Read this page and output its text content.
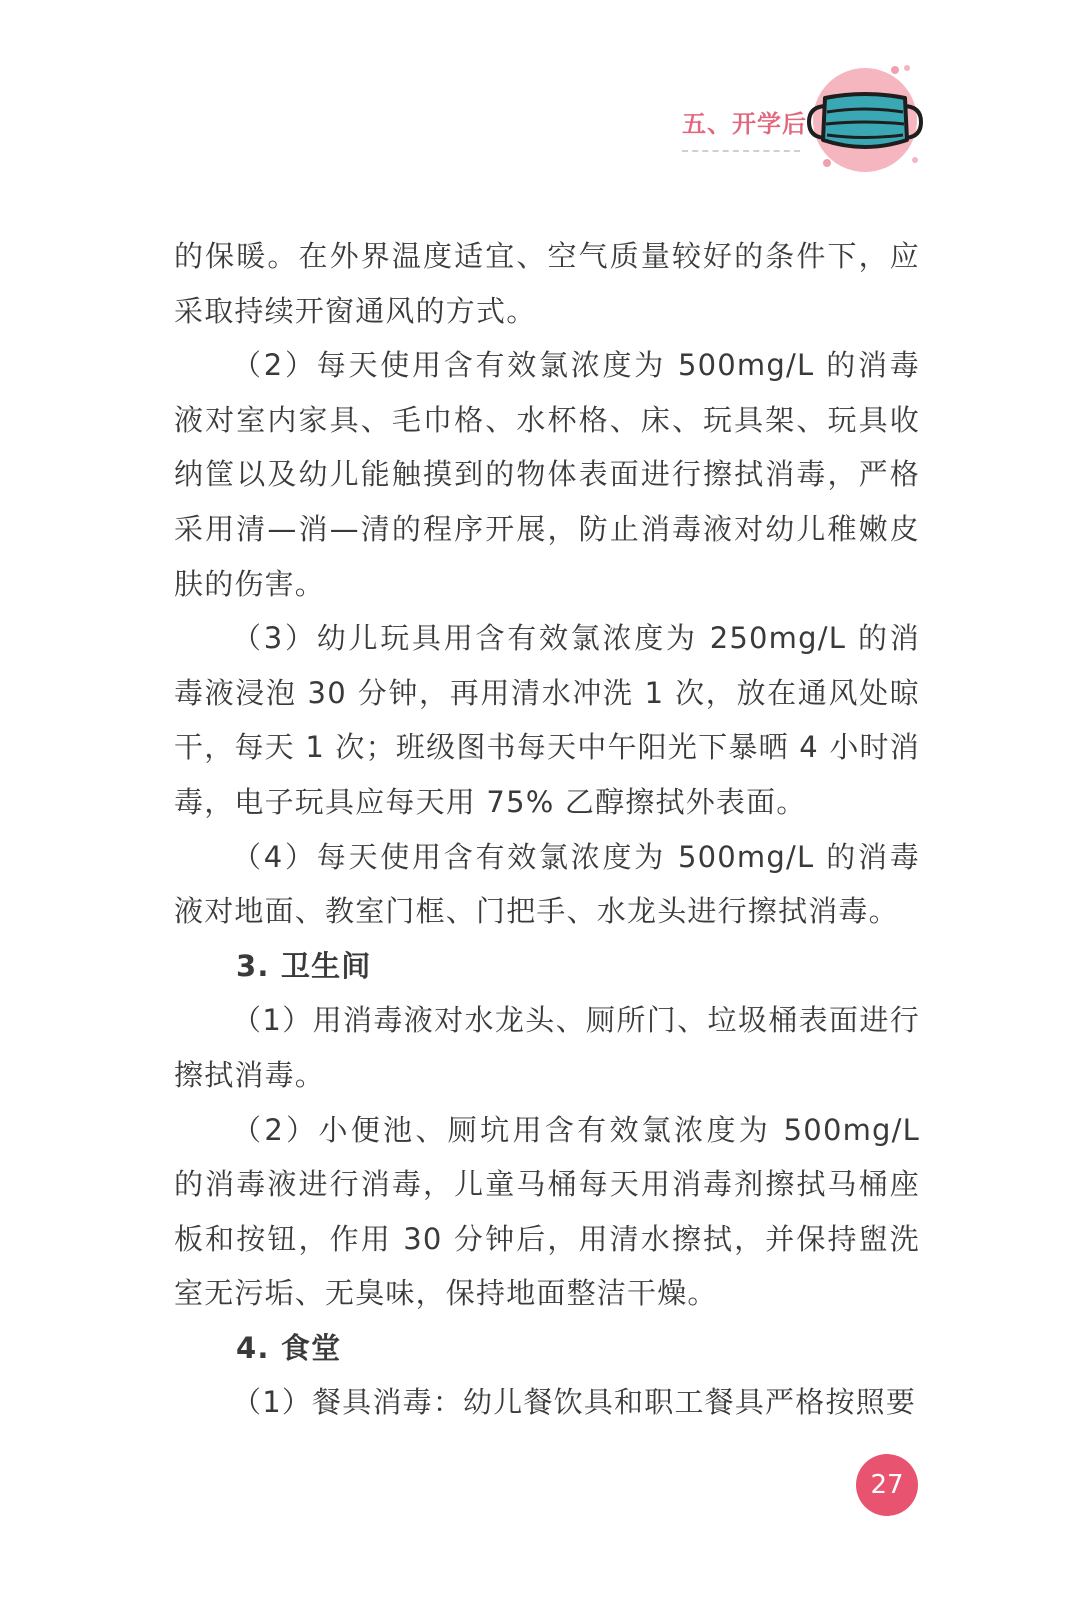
五、开学后

的保暖。在外界温度适宜、空气质量较好的条件下，应采取持续开窗通风的方式。

（2）每天使用含有效氯浓度为 500mg/L 的消毒液对室内家具、毛巾格、水杯格、床、玩具架、玩具收纳筐以及幼儿能触摸到的物体表面进行擦拭消毒，严格采用清—消—清的程序开展，防止消毒液对幼儿稚嫩皮肤的伤害。

（3）幼儿玩具用含有效氯浓度为 250mg/L 的消毒液浸泡 30 分钟，再用清水冲洗 1 次，放在通风处晾干，每天 1 次；班级图书每天中午阳光下暴晒 4 小时消毒，电子玩具应每天用 75% 乙醇擦拭外表面。

（4）每天使用含有效氯浓度为 500mg/L 的消毒液对地面、教室门框、门把手、水龙头进行擦拭消毒。

3. 卫生间

（1）用消毒液对水龙头、厕所门、垃圾桶表面进行擦拭消毒。

（2）小便池、厕坑用含有效氯浓度为 500mg/L 的消毒液进行消毒，儿童马桶每天用消毒剂擦拭马桶座板和按钮，作用 30 分钟后，用清水擦拭，并保持盥洗室无污垢、无臭味，保持地面整洁干燥。

4. 食堂

（1）餐具消毒：幼儿餐饮具和职工餐具严格按照要

27
